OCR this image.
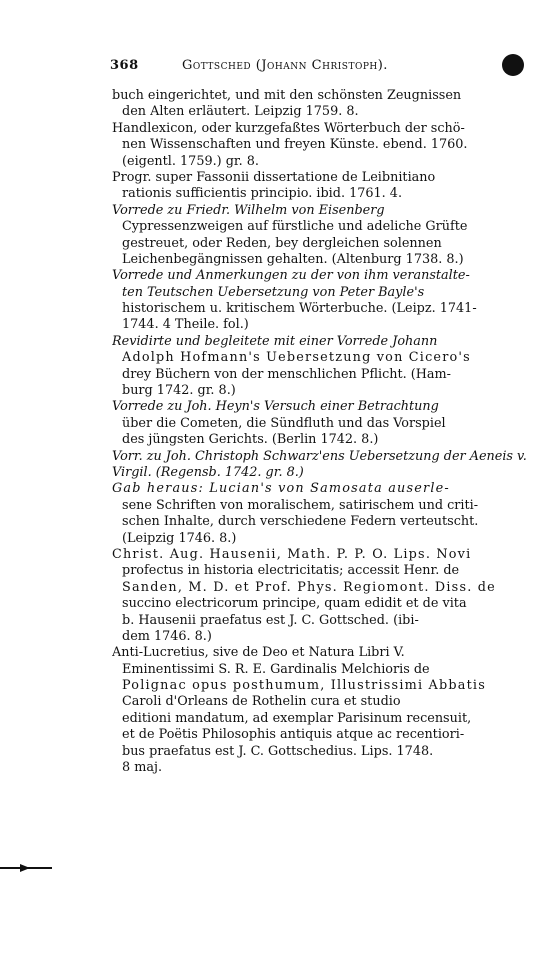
368	Gottsched (Johann Christoph).
buch eingerichtet, und mit den schönsten Zeugnissen
den Alten erläutert. Leipzig 1759. 8.
Handlexicon, oder kurzgefaßtes Wörterbuch der schö-
nen Wissenschaften und freyen Künste. ebend. 1760.
(eigentl. 1759.) gr. 8.
Progr. super Fassonii dissertatione de Leibnitiano
rationis sufficientis principio. ibid. 1761. 4.
Vorrede zu Friedr. Wilhelm von Eisenberg
Cypressenzweigen auf fürstliche und adeliche Grüfte
gestreuet, oder Reden, bey dergleichen solennen
Leichenbegängnissen gehalten. (Altenburg 1738. 8.)
Vorrede und Anmerkungen zu der von ihm veranstalte-
ten Teutschen Uebersetzung von Peter Bayle's
historischem u. kritischem Wörterbuche. (Leipz. 1741-
1744. 4 Theile. fol.)
Revidirte und begleitete mit einer Vorrede Johann
Adolph Hofmann's Uebersetzung von Cicero's
drey Büchern von der menschlichen Pflicht. (Ham-
burg 1742. gr. 8.)
Vorrede zu Joh. Heyn's Versuch einer Betrachtung
über die Cometen, die Sündfluth und das Vorspiel
des jüngsten Gerichts. (Berlin 1742. 8.)
Vorr. zu Joh. Christoph Schwarz'ens Uebersetzung der Aeneis v. Virgil. (Regensb. 1742. gr. 8.)
Gab heraus: Lucian's von Samosata auserle-
sene Schriften von moralischem, satirischem und criti-
schen Inhalte, durch verschiedene Federn verteutscht.
(Leipzig 1746. 8.)
Christ. Aug. Hausenii, Math. P. P. O. Lips. Novi
profectus in historia electricitatis; accessit Henr. de
Sanden, M. D. et Prof. Phys. Regiomont. Diss. de
succino electricorum principe, quam edidit et de vita
b. Hausenii praefatus est J. C. Gottsched. (ibi-
dem 1746. 8.)
Anti-Lucretius, sive de Deo et Natura Libri V.
Eminentissimi S. R. E. Gardinalis Melchioris de
Polignac opus posthumum, Illustrissimi Abbatis
Caroli d'Orleans de Rothelin cura et studio
editioni mandatum, ad exemplar Parisinum recensuit,
et de Poëtis Philosophis antiquis atque ac recentiori-
bus praefatus est J. C. Gottschedius. Lips. 1748.
8 maj.
